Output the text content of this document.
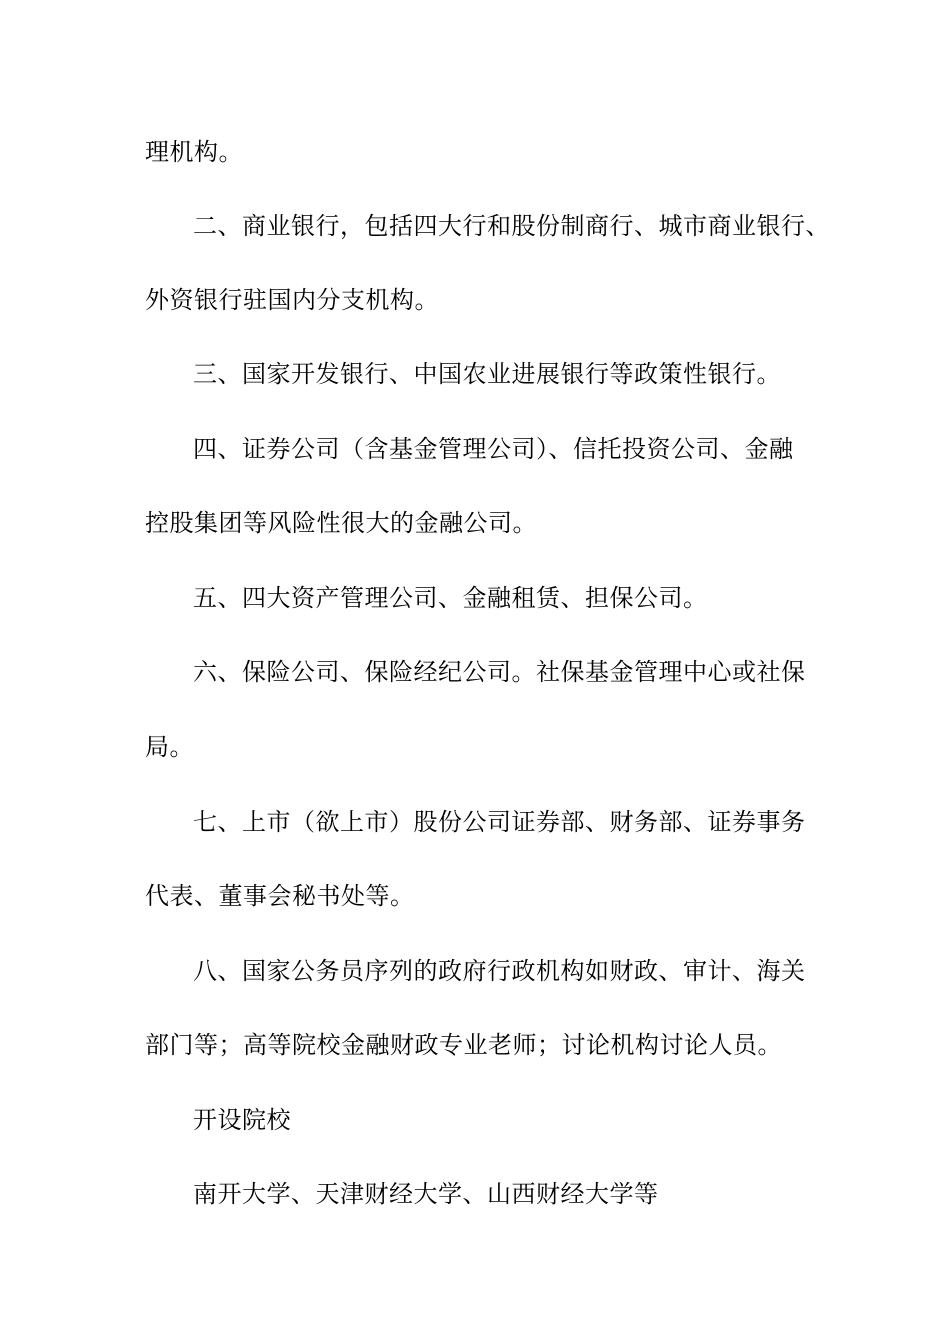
理机构。
二、商业银行，包括四大行和股份制商行、城市商业银行、
外资银行驻国内分支机构。
三、国家开发银行、中国农业进展银行等政策性银行。
四、证券公司（含基金管理公司）、信托投资公司、金融
控股集团等风险性很大的金融公司。
五、四大资产管理公司、金融租赁、担保公司。
六、保险公司、保险经纪公司。社保基金管理中心或社保
局。
七、上市（欲上市）股份公司证券部、财务部、证券事务
代表、董事会秘书处等。
八、国家公务员序列的政府行政机构如财政、审计、海关
部门等；高等院校金融财政专业老师；讨论机构讨论人员。
开设院校
南开大学、天津财经大学、山西财经大学等
